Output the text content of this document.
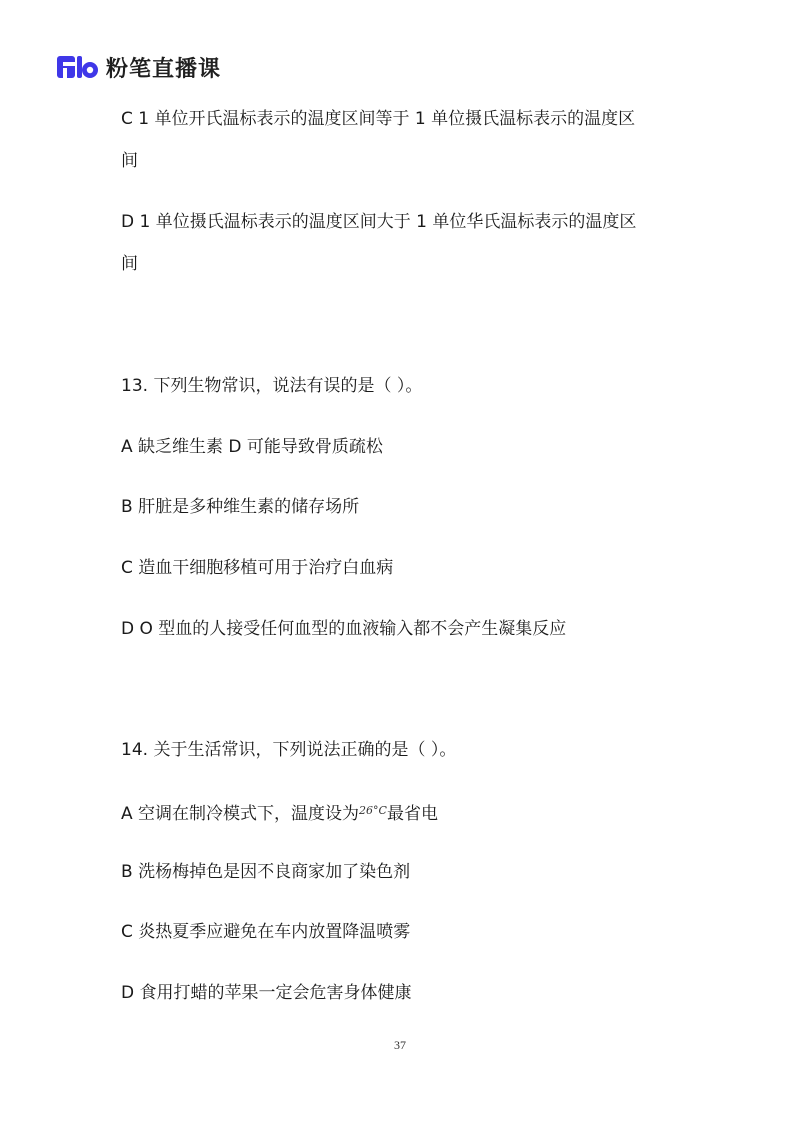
粉笔直播课
C 1 单位开氏温标表示的温度区间等于 1 单位摄氏温标表示的温度区
间
D 1 单位摄氏温标表示的温度区间大于 1 单位华氏温标表示的温度区
间
13. 下列生物常识，说法有误的是（ ）。
A 缺乏维生素 D 可能导致骨质疏松
B 肝脏是多种维生素的储存场所
C 造血干细胞移植可用于治疗白血病
D O 型血的人接受任何血型的血液输入都不会产生凝集反应
14. 关于生活常识，下列说法正确的是（ ）。
A 空调在制冷模式下，温度设为$^{26^\circ C}$最省电
B 洗杨梅掉色是因不良商家加了染色剂
C 炎热夏季应避免在车内放置降温喷雾
D 食用打蜡的苹果一定会危害身体健康
37
